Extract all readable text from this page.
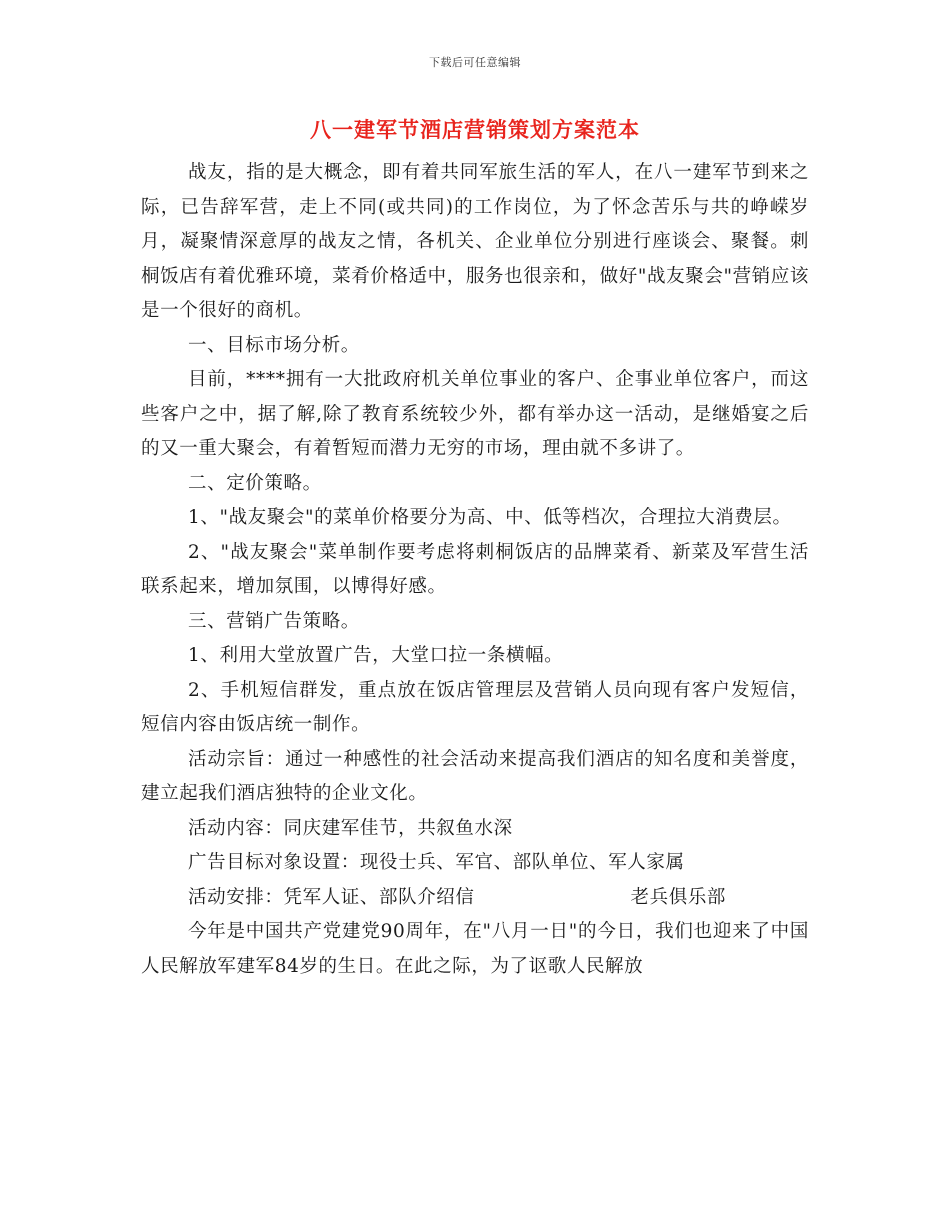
下载后可任意编辑
八一建军节酒店营销策划方案范本

战友，指的是大概念，即有着共同军旅生活的军人，在八一建军节到来之际，已告辞军营，走上不同(或共同)的工作岗位，为了怀念苦乐与共的峥嵘岁月，凝聚情深意厚的战友之情，各机关、企业单位分别进行座谈会、聚餐。刺桐饭店有着优雅环境，菜肴价格适中，服务也很亲和，做好"战友聚会"营销应该是一个很好的商机。

一、目标市场分析。

目前，****拥有一大批政府机关单位事业的客户、企事业单位客户，而这些客户之中，据了解,除了教育系统较少外，都有举办这一活动，是继婚宴之后的又一重大聚会，有着暂短而潜力无穷的市场，理由就不多讲了。

二、定价策略。

1、"战友聚会"的菜单价格要分为高、中、低等档次，合理拉大消费层。

2、"战友聚会"菜单制作要考虑将刺桐饭店的品牌菜肴、新菜及军营生活联系起来，增加氛围，以博得好感。

三、营销广告策略。

1、利用大堂放置广告，大堂口拉一条横幅。

2、手机短信群发，重点放在饭店管理层及营销人员向现有客户发短信，短信内容由饭店统一制作。

活动宗旨：通过一种感性的社会活动来提高我们酒店的知名度和美誉度，建立起我们酒店独特的企业文化。

活动内容：同庆建军佳节，共叙鱼水深

广告目标对象设置：现役士兵、军官、部队单位、军人家属

活动安排：凭军人证、部队介绍信	老兵俱乐部

今年是中国共产党建党90周年，在"八月一日"的今日，我们也迎来了中国人民解放军建军84岁的生日。在此之际，为了讴歌人民解放
